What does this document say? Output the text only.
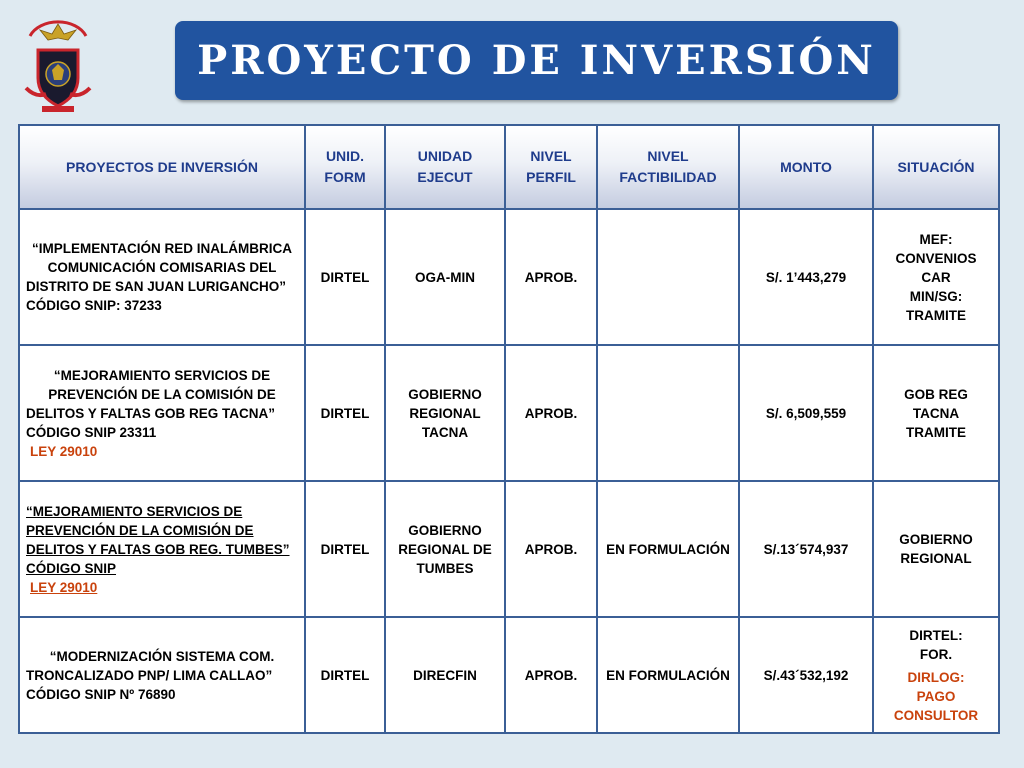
PROYECTO DE INVERSIÓN
PROYECTOS DE INVERSIÓN	UNID. FORM	UNIDAD EJECUT	NIVEL PERFIL	NIVEL FACTIBILIDAD	MONTO	SITUACIÓN

“IMPLEMENTACIÓN RED INALÁMBRICA COMUNICACIÓN COMISARIAS DEL DISTRITO DE SAN JUAN LURIGANCHO”
CÓDIGO SNIP: 37233	DIRTEL	OGA-MIN	APROB.		S/. 1’443,279	MEF:
CONVENIOS
CAR
MIN/SG:
TRAMITE

“MEJORAMIENTO SERVICIOS DE PREVENCIÓN DE LA COMISIÓN DE DELITOS Y FALTAS GOB REG TACNA”
CÓDIGO SNIP 23311
LEY 29010	DIRTEL	GOBIERNO REGIONAL TACNA	APROB.		S/. 6,509,559	GOB REG
TACNA
TRAMITE

“MEJORAMIENTO SERVICIOS DE PREVENCIÓN DE LA COMISIÓN DE DELITOS Y FALTAS GOB REG. TUMBES”
CÓDIGO SNIP
LEY 29010	DIRTEL	GOBIERNO REGIONAL DE TUMBES	APROB.	EN FORMULACIÓN	S/.13´574,937	GOBIERNO
REGIONAL

“MODERNIZACIÓN SISTEMA COM. TRONCALIZADO PNP/ LIMA CALLAO”
CÓDIGO SNIP Nº 76890	DIRTEL	DIRECFIN	APROB.	EN FORMULACIÓN	S/.43´532,192	DIRTEL:
FOR.
DIRLOG:
PAGO
CONSULTOR
